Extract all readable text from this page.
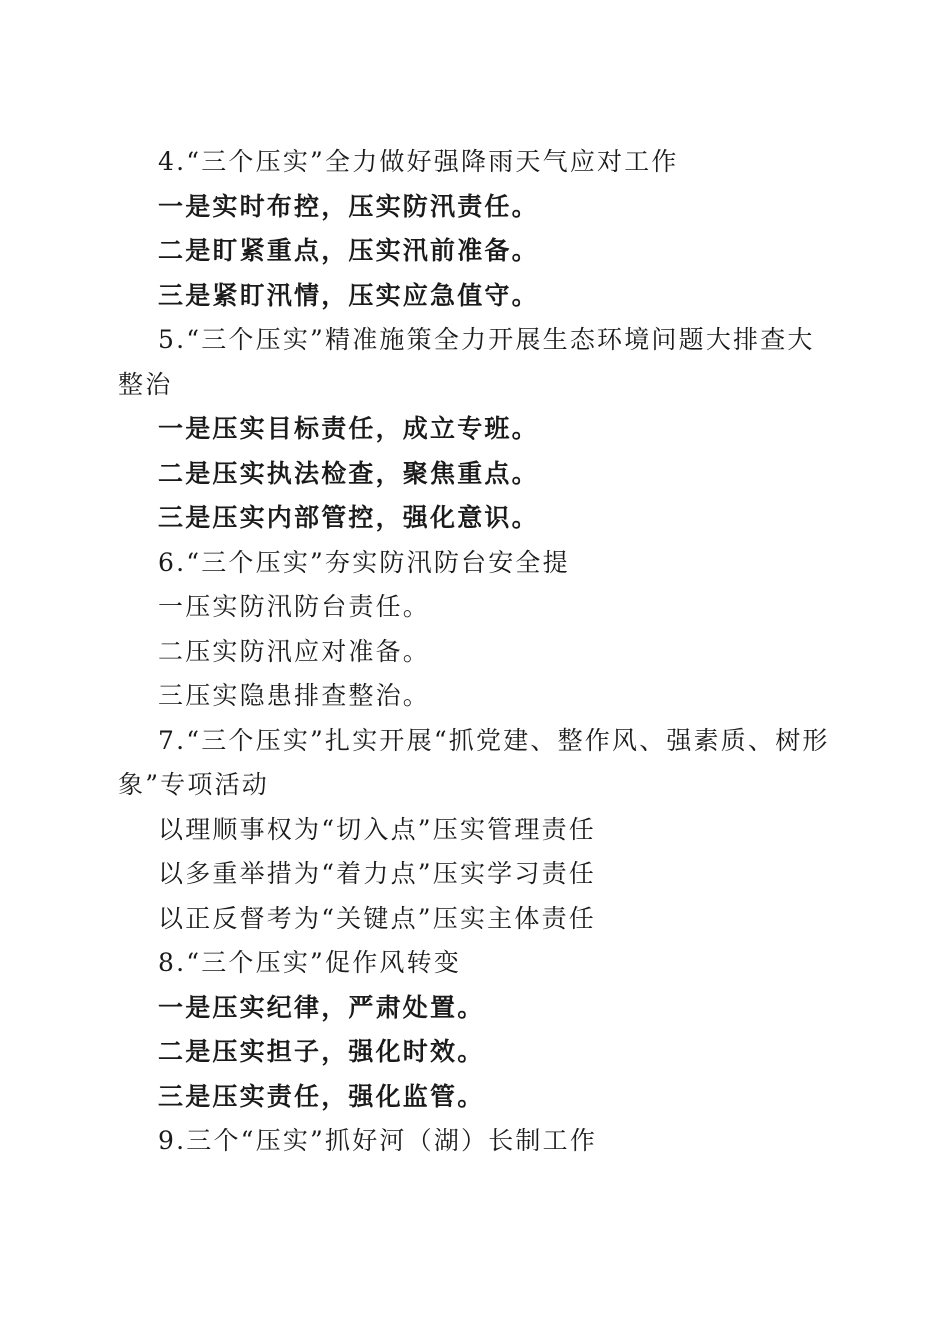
4.“三个压实”全力做好强降雨天气应对工作

一是实时布控，压实防汛责任。

二是盯紧重点，压实汛前准备。

三是紧盯汛情，压实应急值守。

5.“三个压实”精准施策全力开展生态环境问题大排查大整治

一是压实目标责任，成立专班。

二是压实执法检查，聚焦重点。

三是压实内部管控，强化意识。

6.“三个压实”夯实防汛防台安全提

一压实防汛防台责任。

二压实防汛应对准备。

三压实隐患排查整治。

7.“三个压实”扎实开展“抓党建、整作风、强素质、树形象”专项活动

以理顺事权为“切入点”压实管理责任

以多重举措为“着力点”压实学习责任

以正反督考为“关键点”压实主体责任

8.“三个压实”促作风转变

一是压实纪律，严肃处置。

二是压实担子，强化时效。

三是压实责任，强化监管。

9.三个“压实”抓好河（湖）长制工作
